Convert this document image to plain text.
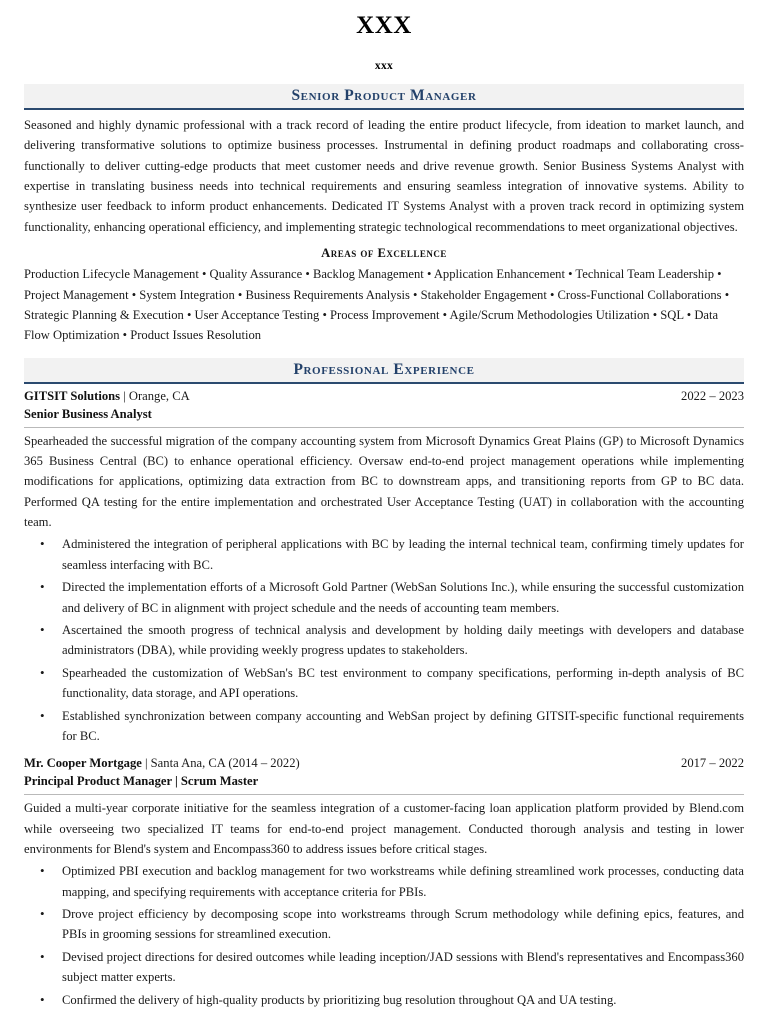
XXX
xxx
Senior Product Manager

Seasoned and highly dynamic professional with a track record of leading the entire product lifecycle, from ideation to market launch, and delivering transformative solutions to optimize business processes. Instrumental in defining product roadmaps and collaborating cross-functionally to deliver cutting-edge products that meet customer needs and drive revenue growth. Senior Business Systems Analyst with expertise in translating business needs into technical requirements and ensuring seamless integration of innovative systems. Ability to synthesize user feedback to inform product enhancements. Dedicated IT Systems Analyst with a proven track record in optimizing system functionality, enhancing operational efficiency, and implementing strategic technological recommendations to meet organizational objectives.

Areas of Excellence

Production Lifecycle Management • Quality Assurance • Backlog Management • Application Enhancement • Technical Team Leadership • Project Management • System Integration • Business Requirements Analysis • Stakeholder Engagement • Cross-Functional Collaborations • Strategic Planning & Execution • User Acceptance Testing • Process Improvement • Agile/Scrum Methodologies Utilization • SQL • Data Flow Optimization • Product Issues Resolution

Professional Experience
GITSIT Solutions | Orange, CA	2022 – 2023
Senior Business Analyst

Spearheaded the successful migration of the company accounting system from Microsoft Dynamics Great Plains (GP) to Microsoft Dynamics 365 Business Central (BC) to enhance operational efficiency. Oversaw end-to-end project management operations while implementing modifications for applications, optimizing data extraction from BC to downstream apps, and transitioning reports from GP to BC data. Performed QA testing for the entire implementation and orchestrated User Acceptance Testing (UAT) in collaboration with the accounting team.

• Administered the integration of peripheral applications with BC by leading the internal technical team, confirming timely updates for seamless interfacing with BC.
• Directed the implementation efforts of a Microsoft Gold Partner (WebSan Solutions Inc.), while ensuring the successful customization and delivery of BC in alignment with project schedule and the needs of accounting team members.
• Ascertained the smooth progress of technical analysis and development by holding daily meetings with developers and database administrators (DBA), while providing weekly progress updates to stakeholders.
• Spearheaded the customization of WebSan's BC test environment to company specifications, performing in-depth analysis of BC functionality, data storage, and API operations.
• Established synchronization between company accounting and WebSan project by defining GITSIT-specific functional requirements for BC.
Mr. Cooper Mortgage | Santa Ana, CA (2014 – 2022)	2017 – 2022
Principal Product Manager | Scrum Master

Guided a multi-year corporate initiative for the seamless integration of a customer-facing loan application platform provided by Blend.com while overseeing two specialized IT teams for end-to-end project management. Conducted thorough analysis and testing in lower environments for Blend's system and Encompass360 to address issues before critical stages.

• Optimized PBI execution and backlog management for two workstreams while defining streamlined work processes, conducting data mapping, and specifying requirements with acceptance criteria for PBIs.
• Drove project efficiency by decomposing scope into workstreams through Scrum methodology while defining epics, features, and PBIs in grooming sessions for streamlined execution.
• Devised project directions for desired outcomes while leading inception/JAD sessions with Blend's representatives and Encompass360 subject matter experts.
• Confirmed the delivery of high-quality products by prioritizing bug resolution throughout QA and UA testing.
